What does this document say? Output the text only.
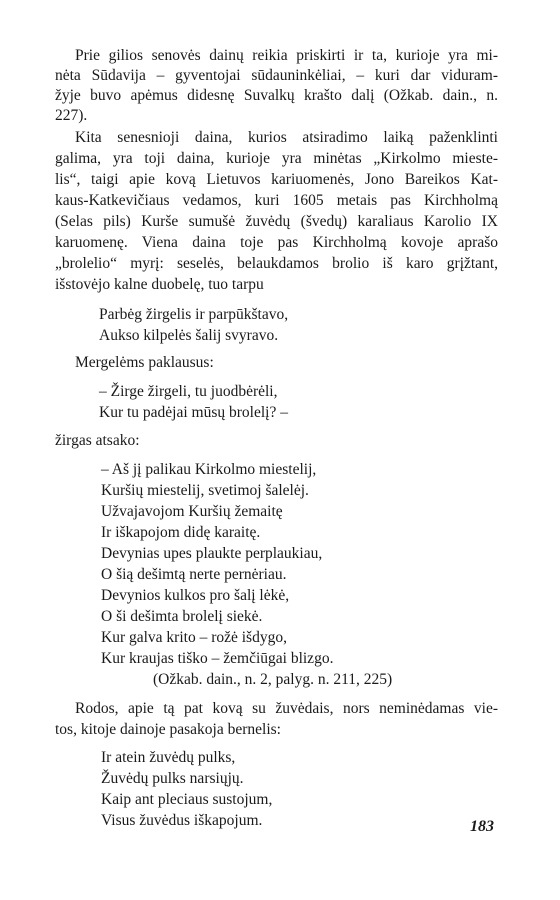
Prie gilios senovės dainų reikia priskirti ir ta, kurioje yra mi-
nėta Sūdavija – gyventojai sūdauninkėliai, – kuri dar viduram-
žyje buvo apėmus didesnę Suvalkų krašto dalį (Ožkab. dain., n.
227).
Kita senesnioji daina, kurios atsiradimo laiką paženklinti
galima, yra toji daina, kurioje yra minėtas „Kirkolmo mieste-
lis“, taigi apie kovą Lietuvos kariuomenės, Jono Bareikos Kat-
kaus-Katkevičiaus vedamos, kuri 1605 metais pas Kirchholmą
(Selas pils) Kurše sumušė žuvėdų (švedų) karaliaus Karolio IX
karuomenę. Viena daina toje pas Kirchholmą kovoje aprašo
„brolelio“ myrį: seselės, belaukdamos brolio iš karo grįžtant,
išstovėjo kalne duobelę, tuo tarpu
Parbėg žirgelis ir parpūkštavo,
Aukso kilpelės šalij svyravo.
Mergelėms paklausus:
– Žirge žirgeli, tu juodbėrėli,
Kur tu padėjai mūsų brolelį? –
žirgas atsako:
– Aš jį palikau Kirkolmo miestelij,
Kuršių miestelij, svetimoj šalelėj.
Užvajavojom Kuršių žemaitę
Ir iškapojom didę karaitę.
Devynias upes plaukte perplaukiau,
O šią dešimtą nerte pernėriau.
Devynios kulkos pro šalį lėkė,
O ši dešimta brolelį siekė.
Kur galva krito – rožė išdygo,
Kur kraujas tiško – žemčiūgai blizgo.
(Ožkab. dain., n. 2, palyg. n. 211, 225)
Rodos, apie tą pat kovą su žuvėdais, nors neminėdamas vie-
tos, kitoje dainoje pasakoja bernelis:
Ir atein žuvėdų pulks,
Žuvėdų pulks narsiųjų.
Kaip ant pleciaus sustojum,
Visus žuvėdus iškapojum.	183
